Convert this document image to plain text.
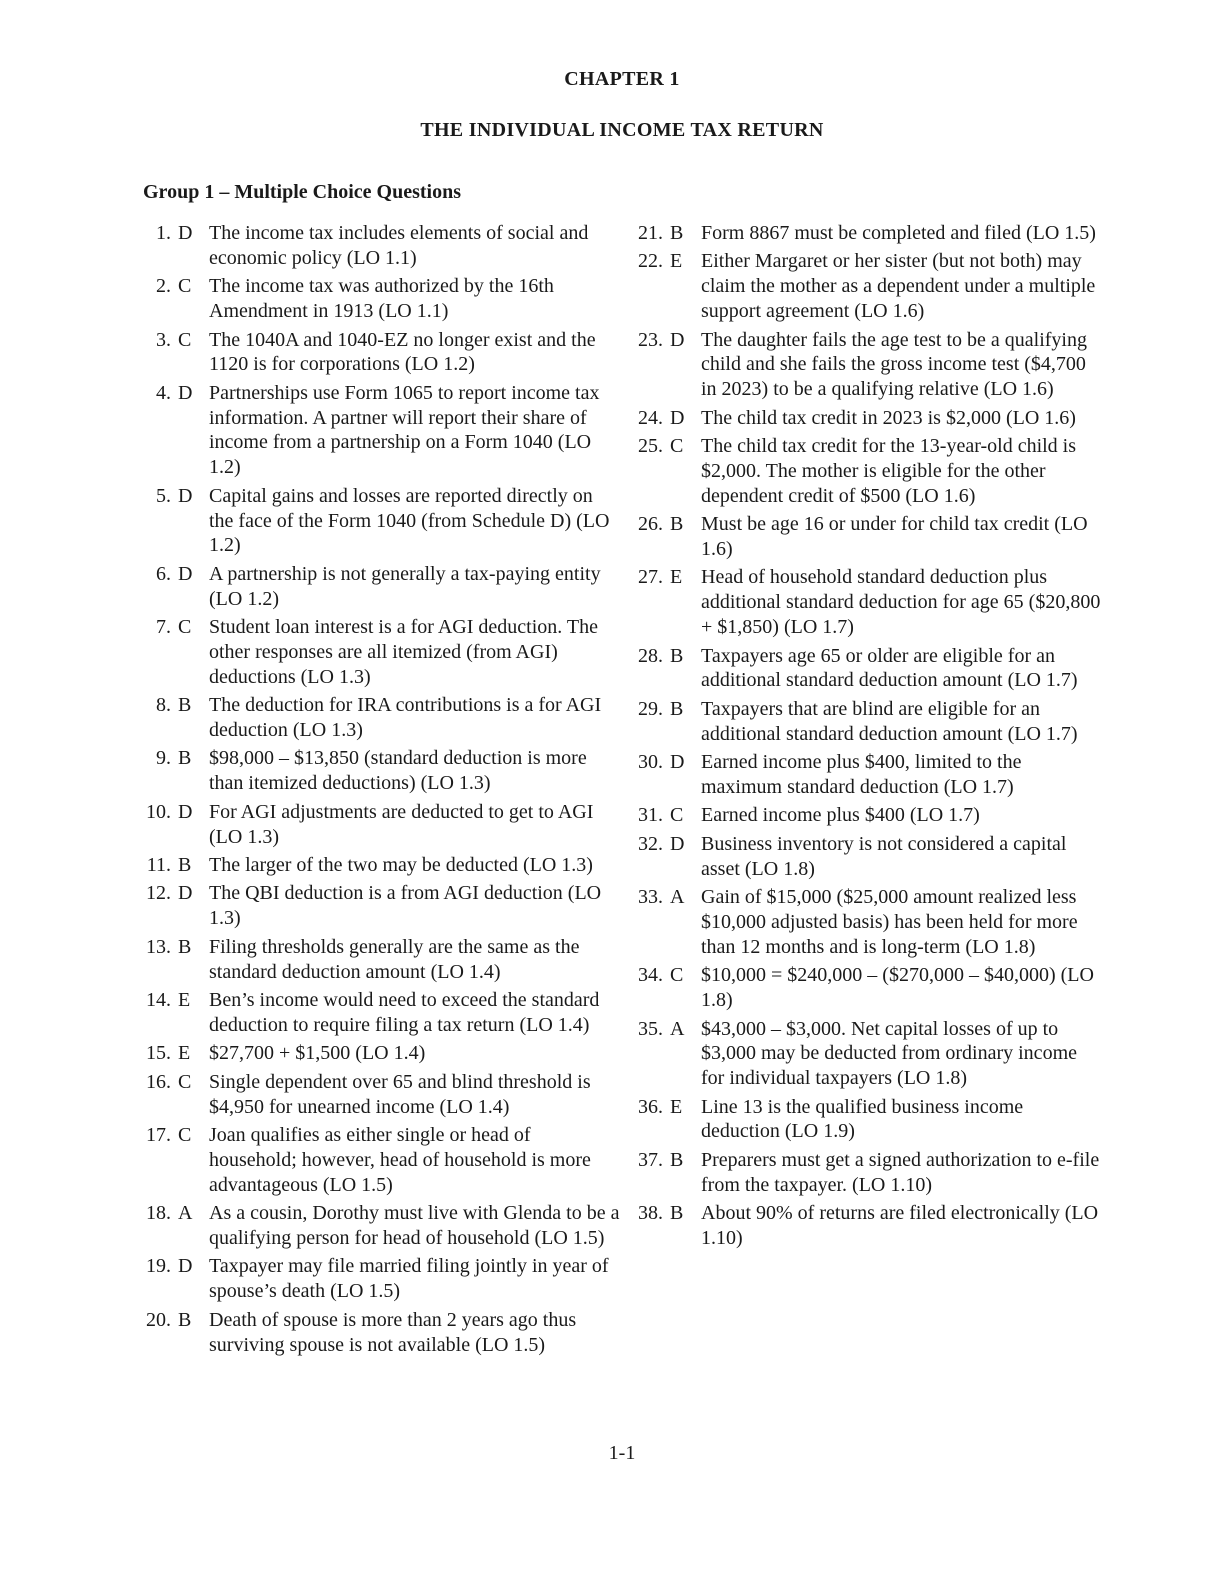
CHAPTER 1
THE INDIVIDUAL INCOME TAX RETURN
Group 1 – Multiple Choice Questions
1. D The income tax includes elements of social and economic policy (LO 1.1)
2. C The income tax was authorized by the 16th Amendment in 1913 (LO 1.1)
3. C The 1040A and 1040-EZ no longer exist and the 1120 is for corporations (LO 1.2)
4. D Partnerships use Form 1065 to report income tax information. A partner will report their share of income from a partnership on a Form 1040 (LO 1.2)
5. D Capital gains and losses are reported directly on the face of the Form 1040 (from Schedule D) (LO 1.2)
6. D A partnership is not generally a tax-paying entity (LO 1.2)
7. C Student loan interest is a for AGI deduction. The other responses are all itemized (from AGI) deductions (LO 1.3)
8. B The deduction for IRA contributions is a for AGI deduction (LO 1.3)
9. B $98,000 – $13,850 (standard deduction is more than itemized deductions) (LO 1.3)
10. D For AGI adjustments are deducted to get to AGI (LO 1.3)
11. B The larger of the two may be deducted (LO 1.3)
12. D The QBI deduction is a from AGI deduction (LO 1.3)
13. B Filing thresholds generally are the same as the standard deduction amount (LO 1.4)
14. E Ben’s income would need to exceed the standard deduction to require filing a tax return (LO 1.4)
15. E $27,700 + $1,500 (LO 1.4)
16. C Single dependent over 65 and blind threshold is $4,950 for unearned income (LO 1.4)
17. C Joan qualifies as either single or head of household; however, head of household is more advantageous (LO 1.5)
18. A As a cousin, Dorothy must live with Glenda to be a qualifying person for head of household (LO 1.5)
19. D Taxpayer may file married filing jointly in year of spouse’s death (LO 1.5)
20. B Death of spouse is more than 2 years ago thus surviving spouse is not available (LO 1.5)
21. B Form 8867 must be completed and filed (LO 1.5)
22. E Either Margaret or her sister (but not both) may claim the mother as a dependent under a multiple support agreement (LO 1.6)
23. D The daughter fails the age test to be a qualifying child and she fails the gross income test ($4,700 in 2023) to be a qualifying relative (LO 1.6)
24. D The child tax credit in 2023 is $2,000 (LO 1.6)
25. C The child tax credit for the 13-year-old child is $2,000. The mother is eligible for the other dependent credit of $500 (LO 1.6)
26. B Must be age 16 or under for child tax credit (LO 1.6)
27. E Head of household standard deduction plus additional standard deduction for age 65 ($20,800 + $1,850) (LO 1.7)
28. B Taxpayers age 65 or older are eligible for an additional standard deduction amount (LO 1.7)
29. B Taxpayers that are blind are eligible for an additional standard deduction amount (LO 1.7)
30. D Earned income plus $400, limited to the maximum standard deduction (LO 1.7)
31. C Earned income plus $400 (LO 1.7)
32. D Business inventory is not considered a capital asset (LO 1.8)
33. A Gain of $15,000 ($25,000 amount realized less $10,000 adjusted basis) has been held for more than 12 months and is long-term (LO 1.8)
34. C $10,000 = $240,000 – ($270,000 – $40,000) (LO 1.8)
35. A $43,000 – $3,000. Net capital losses of up to $3,000 may be deducted from ordinary income for individual taxpayers (LO 1.8)
36. E Line 13 is the qualified business income deduction (LO 1.9)
37. B Preparers must get a signed authorization to e-file from the taxpayer. (LO 1.10)
38. B About 90% of returns are filed electronically (LO 1.10)
1-1
